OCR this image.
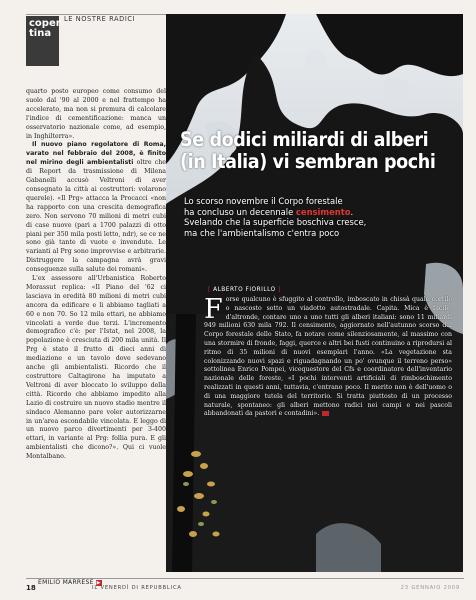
LE NOSTRE RADICI
coper
tina

quarto posto europeo come consumo del suolo dal '90 al 2000 e nel frattempo ha accelerato, ma non si premura di calcolare l'indice di cementificazione: manca un osservatorio nazionale come, ad esempio, in Inghilterra».

Il nuovo piano regolatore di Roma, varato nel febbraio del 2008, è finito nel mirino degli ambientalisti oltre che di Report da trasmissione di Milena Gabanelli accusò Veltroni di aver consegnato la città ai costruttori: volarono querele). «Il Prg» attacca la Procacci «non ha rapporto con una crescita demografica zero. Non servono 70 milioni di metri cubi di case nuove (pari a 1700 palazzi di otto piani per 350 mila posti letto, ndr), se ce ne sono già tante di vuote e invendute. Le varianti al Prg sono improvvise e arbitrarie. Distruggere la campagna avrà gravi conseguenze sulla salute dei romani».

L'ex assessore all'Urbanistica Roberto Morassut replica: «Il Piano del '62 ci lasciava in eredità 80 milioni di metri cubi ancora da edificare e li abbiamo tagliati a 60 e non 70. So 12 mila ettari, ne abbiamo vincolati a verde due terzi. L'incremento demografico c'è: per l'Istat, nel 2008, la popolazione è cresciuta di 200 mila unità. Il Prg è stato il frutto di dieci anni di mediazione e un tavolo dove sedevano anche gli ambientalisti. Ricordo che il costruttore Caltagirone ha imputato a Veltroni di aver bloccato lo sviluppo della città. Ricordo che abbiamo impedito alla Lazio di costruire un nuovo stadio mentre il sindaco Alemanno pare voler autorizzarne in un'area escondabile vincolata. E leggo di un nuovo parco divertimenti per 3-400 ettari, in variante al Prg: follia pura. E gli ambientalisti che dicono?». Qui ci vuole Montalbano.

Se dodici miliardi di alberi
(in Italia) vi sembran pochi
Lo scorso novembre il Corpo forestale
ha concluso un decennale censimento.
Svelando che la superficie boschiva cresce,
ma che l'ambientalismo c'entra poco
[ ALBERTO FIORILLO ]
F orse qualcuno è sfuggito al controllo, imboscato in chissà quale cortile o nascosto sotto un viadotto autostradale. Capita. Mica è facile, d'altronde, contare uno a uno tutti gli alberi italiani: sono 11 miliardi 949 milioni 630 mila 792. Il censimento, aggiornato nell'autunno scorso dal Corpo forestale dello Stato, fa notare come silenziosamente, al massimo con una stormire di fronde, faggi, querce e altri bei fusti continuino a riprodursi al ritmo di 35 milioni di nuovi esemplari l'anno. «La vegetazione sta colonizzando nuovi spazi e riguadagnando un po' ovunque il terreno perso» sottolinea Enrico Pompei, vicequestore del Cfs e coordinatore dell'inventario nazionale delle foreste, «I pochi interventi artificiali di rimboschimento realizzati in questi anni, tuttavia, c'entrano poco. Il merito non è dell'uomo o di una maggiore tutela del territorio. Si tratta piuttosto di un processo naturale, spontaneo: gli alberi mettono radici nei campi e nei pascoli abbandonati da pastori e contadini».

EMILIO MARRESE ▶
18	IL VENERDÌ DI REPUBBLICA	23 GENNAIO 2009
